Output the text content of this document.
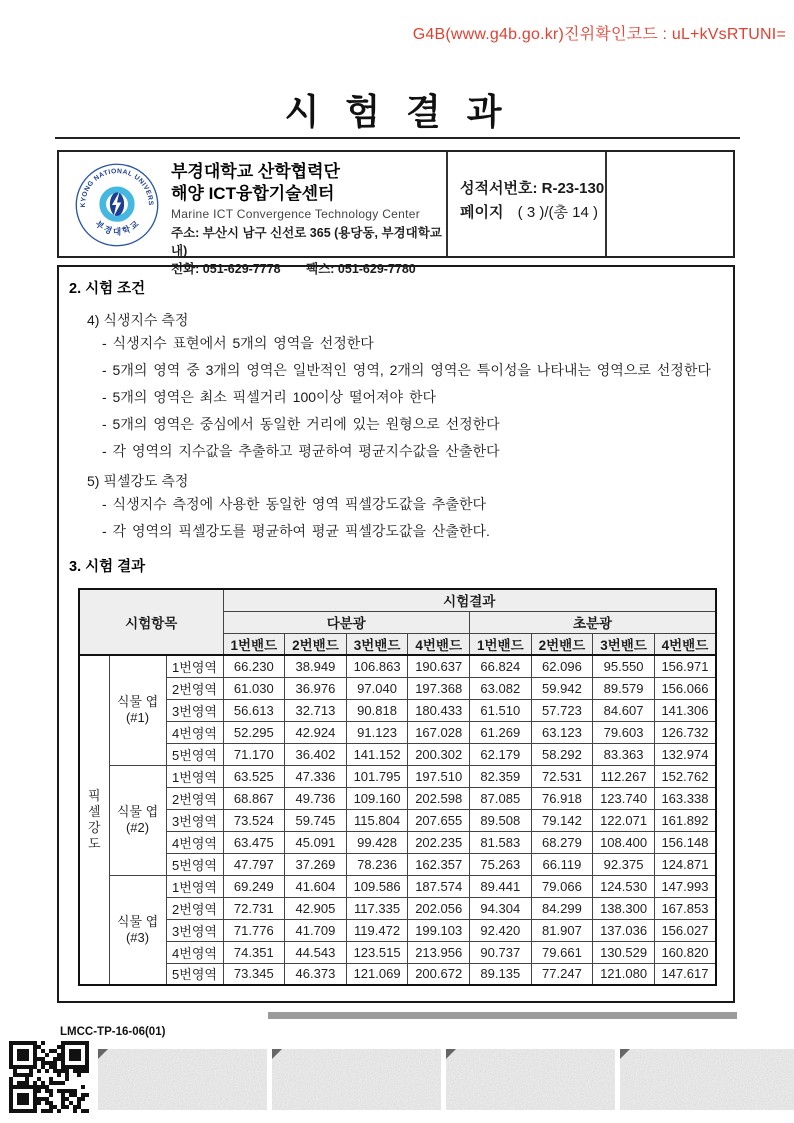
G4B(www.g4b.go.kr)진위확인코드 : uL+kVsRTUNI=
시 험 결 과
KYONG NATIONAL UNIVERS
부 경 대 학 교
부경대학교 산학협력단
해양 ICT융합기술센터
Marine ICT Convergence Technology Center
주소: 부산시 남구 신선로 365 (용당동, 부경대학교 내)
전화: 051-629-7778 팩스: 051-629-7780
성적서번호: R-23-130
페이지 ( 3 )/(총 14 )
2. 시험 조건
4) 식생지수 측정
- 식생지수 표현에서 5개의 영역을 선정한다
- 5개의 영역 중 3개의 영역은 일반적인 영역, 2개의 영역은 특이성을 나타내는 영역으로 선정한다
- 5개의 영역은 최소 픽셀거리 100이상 떨어져야 한다
- 5개의 영역은 중심에서 동일한 거리에 있는 원형으로 선정한다
- 각 영역의 지수값을 추출하고 평균하여 평균지수값을 산출한다
5) 픽셀강도 측정
- 식생지수 측정에 사용한 동일한 영역 픽셀강도값을 추출한다
- 각 영역의 픽셀강도를 평균하여 평균 픽셀강도값을 산출한다.
3. 시험 결과
시험항목			시험결과							
			다분광				초분광			
			1번밴드	2번밴드	3번밴드	4번밴드	1번밴드	2번밴드	3번밴드	4번밴드
픽셀강도	식물 엽
(#1)	1번영역	66.230	38.949	106.863	190.637	66.824	62.096	95.550	156.971
		2번영역	61.030	36.976	97.040	197.368	63.082	59.942	89.579	156.066
		3번영역	56.613	32.713	90.818	180.433	61.510	57.723	84.607	141.306
		4번영역	52.295	42.924	91.123	167.028	61.269	63.123	79.603	126.732
		5번영역	71.170	36.402	141.152	200.302	62.179	58.292	83.363	132.974

	식물 엽
(#2)	1번영역	63.525	47.336	101.795	197.510	82.359	72.531	112.267	152.762
		2번영역	68.867	49.736	109.160	202.598	87.085	76.918	123.740	163.338
		3번영역	73.524	59.745	115.804	207.655	89.508	79.142	122.071	161.892
		4번영역	63.475	45.091	99.428	202.235	81.583	68.279	108.400	156.148
		5번영역	47.797	37.269	78.236	162.357	75.263	66.119	92.375	124.871

	식물 엽
(#3)	1번영역	69.249	41.604	109.586	187.574	89.441	79.066	124.530	147.993
		2번영역	72.731	42.905	117.335	202.056	94.304	84.299	138.300	167.853
		3번영역	71.776	41.709	119.472	199.103	92.420	81.907	137.036	156.027
		4번영역	74.351	44.543	123.515	213.956	90.737	79.661	130.529	160.820
		5번영역	73.345	46.373	121.069	200.672	89.135	77.247	121.080	147.617
LMCC-TP-16-06(01)
